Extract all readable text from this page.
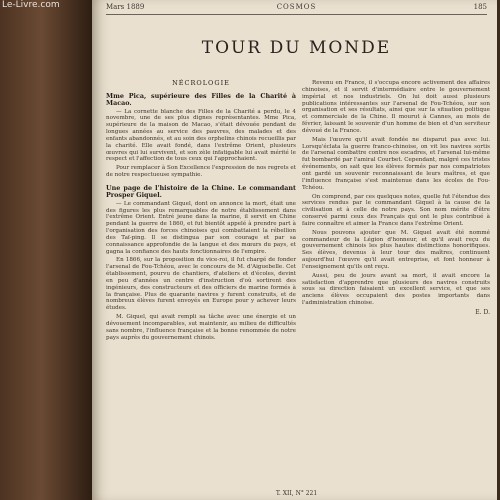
Le-Livre.com	Mars 1889	COSMOS	185
TOUR DU MONDE
NÉCROLOGIE
Mme Pica, supérieure des Filles de la Charité à Macao.

— La cornette blanche des Filles de la Charité a perdu, le 4 novembre, une de ses plus dignes représentantes. Mme Pica, supérieure de la maison de Macao, s'était dévouée pendant de longues années au service des pauvres, des malades et des enfants abandonnés, et au soin des orphelins chinois recueillis par la charité. Elle avait fondé, dans l'extrême Orient, plusieurs œuvres qui lui survivent, et son zèle infatigable lui avait mérité le respect et l'affection de tous ceux qui l'approchaient.

Pour remplacer à Son Excellence l'expression de nos regrets et de notre respectueuse sympathie.

Une page de l'histoire de la Chine. Le commandant Prosper Giquel.

— Le commandant Giquel, dont on annonce la mort, était une des figures les plus remarquables de notre établissement dans l'extrême Orient. Entré jeune dans la marine, il servit en Chine pendant la guerre de 1860, et fut bientôt appelé à prendre part à l'organisation des forces chinoises qui combattaient la rébellion des Taï-ping. Il se distingua par son courage et par sa connaissance approfondie de la langue et des mœurs du pays, et gagna la confiance des hauts fonctionnaires de l'empire.

En 1866, sur la proposition du vice-roi, il fut chargé de fonder l'arsenal de Fou-Tchéou, avec le concours de M. d'Aiguebelle. Cet établissement, pourvu de chantiers, d'ateliers et d'écoles, devint en peu d'années un centre d'instruction d'où sortirent des ingénieurs, des constructeurs et des officiers de marine formés à la française. Plus de quarante navires y furent construits, et de nombreux élèves furent envoyés en Europe pour y achever leurs études.

M. Giquel, qui avait rempli sa tâche avec une énergie et un dévouement incomparables, sut maintenir, au milieu de difficultés sans nombre, l'influence française et la bonne renommée de notre pays auprès du gouvernement chinois.

Revenu en France, il s'occupa encore activement des affaires chinoises, et il servit d'intermédiaire entre le gouvernement impérial et nos industriels. On lui doit aussi plusieurs publications intéressantes sur l'arsenal de Fou-Tchéou, sur son organisation et ses résultats, ainsi que sur la situation politique et commerciale de la Chine. Il mourut à Cannes, au mois de février, laissant le souvenir d'un homme de bien et d'un serviteur dévoué de la France.

Mais l'œuvre qu'il avait fondée ne disparut pas avec lui. Lorsqu'éclata la guerre franco-chinoise, on vit les navires sortis de l'arsenal combattre contre nos escadres, et l'arsenal lui-même fut bombardé par l'amiral Courbet. Cependant, malgré ces tristes événements, on sait que les élèves formés par nos compatriotes ont gardé un souvenir reconnaissant de leurs maîtres, et que l'influence française s'est maintenue dans les écoles de Fou-Tchéou.

On comprend, par ces quelques notes, quelle fut l'étendue des services rendus par le commandant Giquel à la cause de la civilisation et à celle de notre pays. Son nom mérite d'être conservé parmi ceux des Français qui ont le plus contribué à faire connaître et aimer la France dans l'extrême Orient.

Nous pouvons ajouter que M. Giquel avait été nommé commandeur de la Légion d'honneur, et qu'il avait reçu du gouvernement chinois les plus hautes distinctions honorifiques. Ses élèves, devenus à leur tour des maîtres, continuent aujourd'hui l'œuvre qu'il avait entreprise, et font honneur à l'enseignement qu'ils ont reçu.

Aussi, peu de jours avant sa mort, il avait encore la satisfaction d'apprendre que plusieurs des navires construits sous sa direction faisaient un excellent service, et que ses anciens élèves occupaient des postes importants dans l'administration chinoise.

E. D.
T. XII, N° 221
